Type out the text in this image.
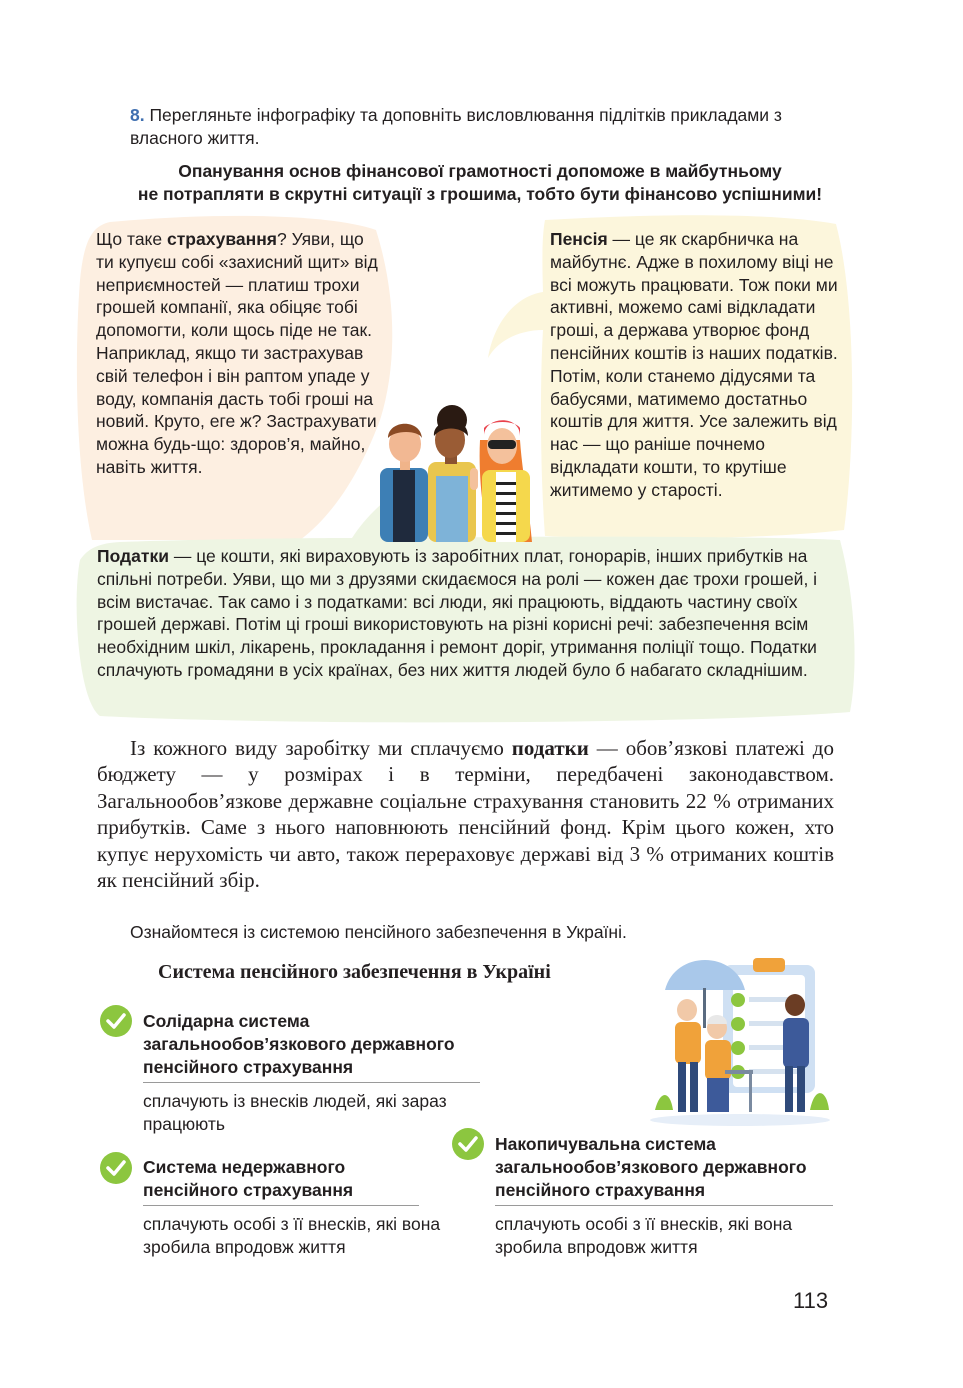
8. Перегляньте інфографіку та доповніть висловлювання підлітків прикладами з власного життя.
Опанування основ фінансової грамотності допоможе в майбутньому
не потрапляти в скрутні ситуації з грошима, тобто бути фінансово успішними!
Що таке страхування? Уяви, що ти купуєш собі «захисний щит» від неприємностей — платиш трохи грошей компанії, яка обіцяє тобі допомогти, коли щось піде не так. Наприклад, якщо ти застрахував свій телефон і він раптом упаде у воду, компанія дасть тобі гроші на новий. Круто, еге ж? Застрахувати можна будь-що: здоров’я, майно, навіть життя.
Пенсія — це як скарбничка на майбутнє. Адже в похилому віці не всі можуть працювати. Тож поки ми активні, можемо самі відкладати гроші, а держава утворює фонд пенсійних коштів із наших податків. Потім, коли станемо дідусями та бабусями, матимемо достатньо коштів для життя. Усе залежить від нас — що раніше почнемо відкладати кошти, то крутіше житимемо у старості.
Податки — це кошти, які вираховують із заробітних плат, гонорарів, інших прибутків на спільні потреби. Уяви, що ми з друзями скидаємося на ролі — кожен дає трохи грошей, і всім вистачає. Так само і з податками: всі люди, які працюють, віддають частину своїх грошей державі. Потім ці гроші використовують на різні корисні речі: забезпечення всім необхідним шкіл, лікарень, прокладання і ремонт доріг, утримання поліції тощо. Податки сплачують громадяни в усіх країнах, без них життя людей було б набагато складнішим.
Із кожного виду заробітку ми сплачуємо податки — обов’язкові платежі до бюджету — у розмірах і в терміни, передбачені законодавством. Загальнообов’язкове державне соціальне страхування становить 22 % отриманих прибутків. Саме з нього наповнюють пенсійний фонд. Крім цього кожен, хто купує нерухомість чи авто, також перераховує державі від 3 % отриманих коштів як пенсійний збір.
Ознайомтеся із системою пенсійного забезпечення в Україні.
Система пенсійного забезпечення в Україні
Солідарна система загальнообов’язкового державного пенсійного страхування
сплачують із внесків людей, які зараз працюють
Система недержавного пенсійного страхування
сплачують особі з її внесків, які вона зробила впродовж життя
Накопичувальна система загальнообов’язкового державного пенсійного страхування
сплачують особі з її внесків, які вона зробила впродовж життя
113
